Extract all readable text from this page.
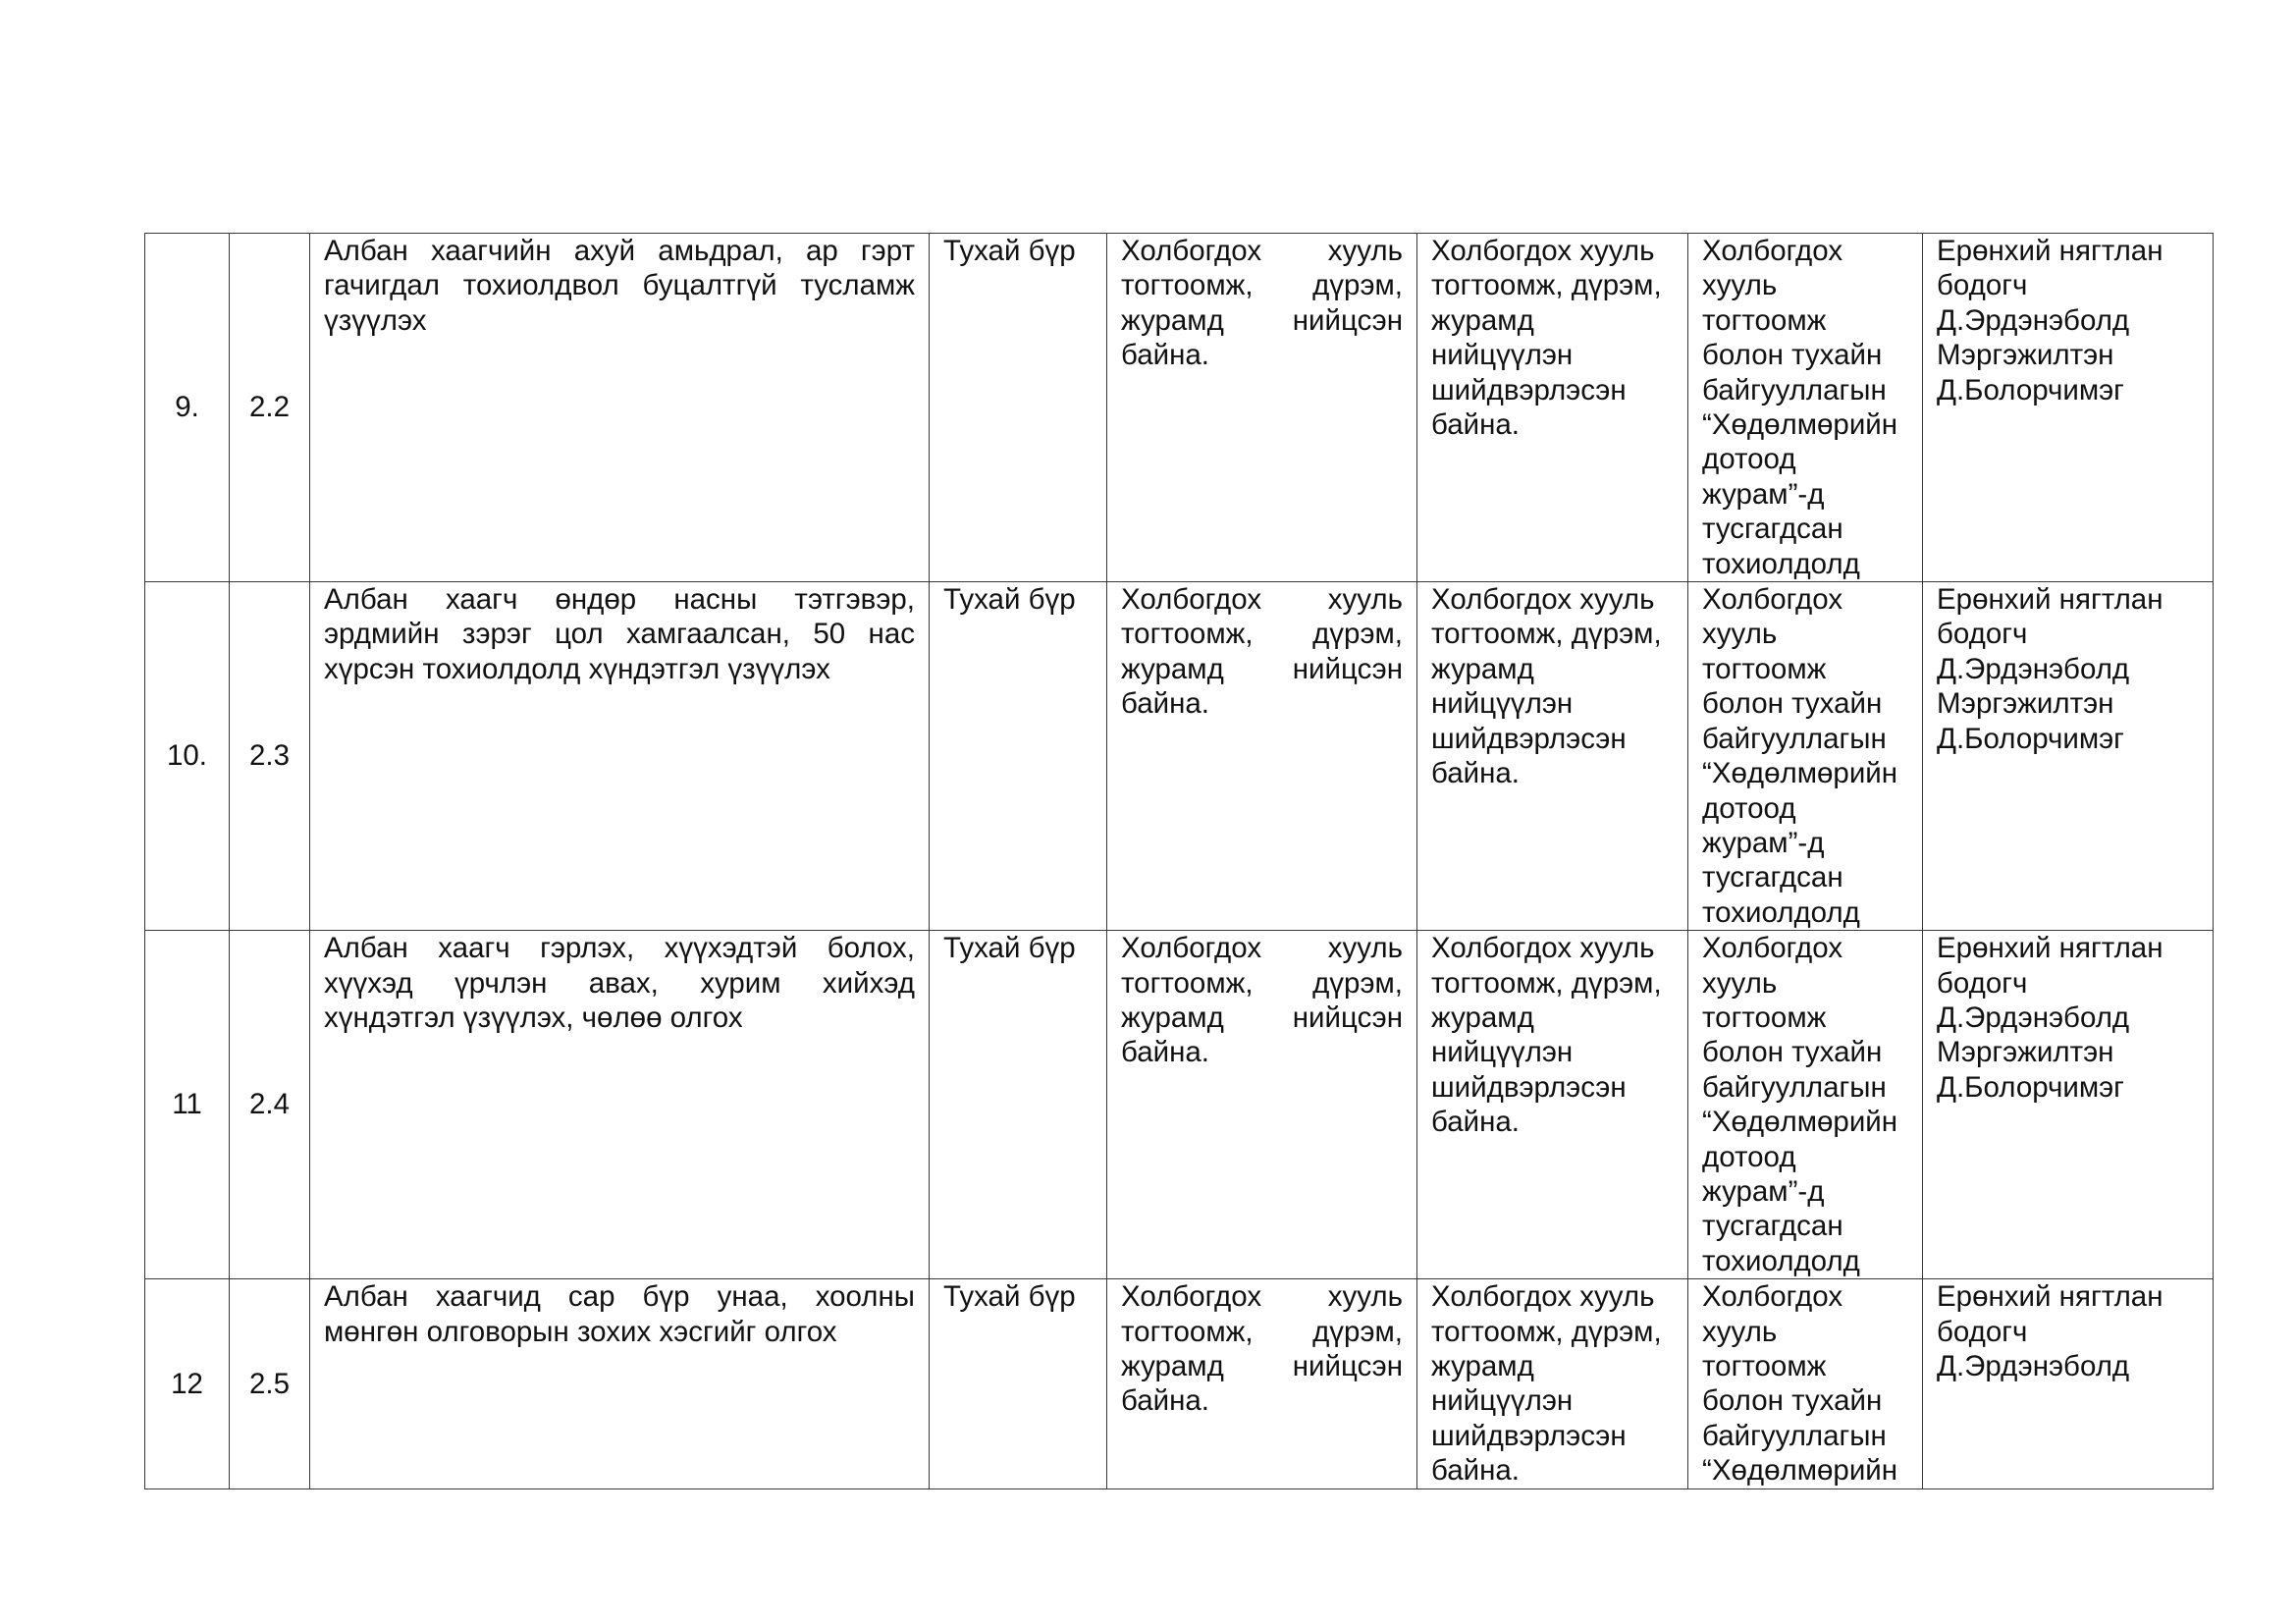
9.	2.2	Албан хаагчийн ахуй амьдрал, ар гэрт гачигдал тохиолдвол буцалтгүй тусламж үзүүлэх	Тухай бүр	Холбогдох хууль тогтоомж, дүрэм, журамд нийцсэн байна.	Холбогдох хууль тогтоомж, дүрэм, журамд нийцүүлэн шийдвэрлэсэн байна.	Холбогдох хууль тогтоомж болон тухайн байгууллагын “Хөдөлмөрийн дотоод журам”-д тусгагдсан тохиолдолд	Ерөнхий нягтлан бодогч Д.Эрдэнэболд Мэргэжилтэн Д.Болорчимэг
10.	2.3	Албан хаагч өндөр насны тэтгэвэр, эрдмийн зэрэг цол хамгаалсан, 50 нас хүрсэн тохиолдолд хүндэтгэл үзүүлэх	Тухай бүр	Холбогдох хууль тогтоомж, дүрэм, журамд нийцсэн байна.	Холбогдох хууль тогтоомж, дүрэм, журамд нийцүүлэн шийдвэрлэсэн байна.	Холбогдох хууль тогтоомж болон тухайн байгууллагын “Хөдөлмөрийн дотоод журам”-д тусгагдсан тохиолдолд	Ерөнхий нягтлан бодогч Д.Эрдэнэболд Мэргэжилтэн Д.Болорчимэг
11	2.4	Албан хаагч гэрлэх, хүүхэдтэй болох, хүүхэд үрчлэн авах, хурим хийхэд хүндэтгэл үзүүлэх, чөлөө олгох	Тухай бүр	Холбогдох хууль тогтоомж, дүрэм, журамд нийцсэн байна.	Холбогдох хууль тогтоомж, дүрэм, журамд нийцүүлэн шийдвэрлэсэн байна.	Холбогдох хууль тогтоомж болон тухайн байгууллагын “Хөдөлмөрийн дотоод журам”-д тусгагдсан тохиолдолд	Ерөнхий нягтлан бодогч Д.Эрдэнэболд Мэргэжилтэн Д.Болорчимэг
12	2.5	Албан хаагчид сар бүр унаа, хоолны мөнгөн олговорын зохих хэсгийг олгох	Тухай бүр	Холбогдох хууль тогтоомж, дүрэм, журамд нийцсэн байна.	Холбогдох хууль тогтоомж, дүрэм, журамд нийцүүлэн шийдвэрлэсэн байна.	Холбогдох хууль тогтоомж болон тухайн байгууллагын “Хөдөлмөрийн	Ерөнхий нягтлан бодогч Д.Эрдэнэболд
